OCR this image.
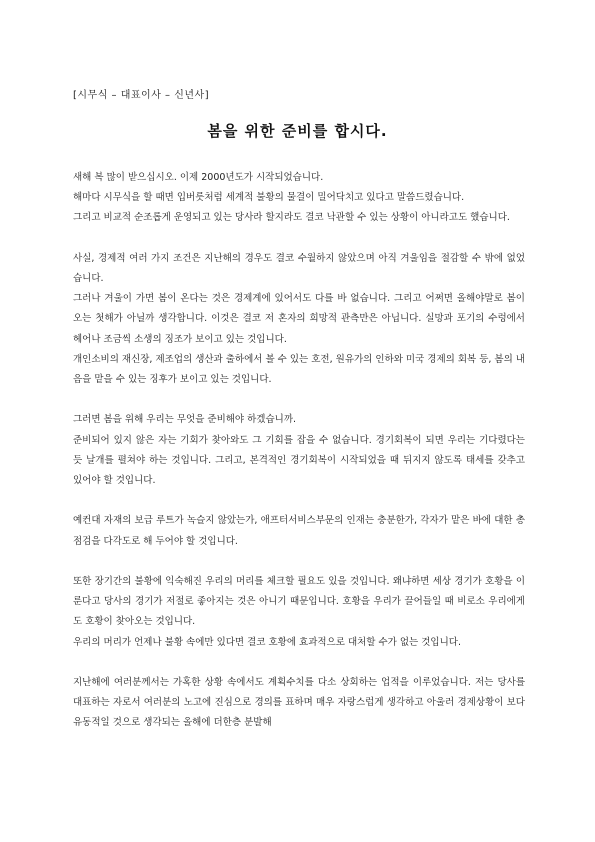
[시무식 – 대표이사 – 신년사]
봄을 위한 준비를 합시다.

새해 복 많이 받으십시오. 이제 2000년도가 시작되었습니다.

해마다 시무식을 할 때면 입버릇처럼 세계적 불황의 물결이 밀어닥치고 있다고 말씀드렸습니다.

그리고 비교적 순조롭게 운영되고 있는 당사라 할지라도 결코 낙관할 수 있는 상황이 아니라고도 했습니다.

사실, 경제적 여러 가지 조건은 지난해의 경우도 결코 수월하지 않았으며 아직 겨울임을 절감할 수 밖에 없었습니다.

그러나 겨울이 가면 봄이 온다는 것은 경제계에 있어서도 다를 바 없습니다. 그리고 어쩌면 올해야말로 봄이 오는 첫해가 아닐까 생각합니다. 이것은 결코 저 혼자의 희망적 관측만은 아닙니다. 실망과 포기의 수렁에서 헤어나 조금씩 소생의 징조가 보이고 있는 것입니다.

개인소비의 재신장, 제조업의 생산과 출하에서 볼 수 있는 호전, 원유가의 인하와 미국 경제의 회복 등, 봄의 내음을 맡을 수 있는 징후가 보이고 있는 것입니다.

그러면 봄을 위해 우리는 무엇을 준비해야 하겠습니까.

준비되어 있지 않은 자는 기회가 찾아와도 그 기회를 잡을 수 없습니다. 경기회복이 되면 우리는 기다렸다는 듯 날개를 펼쳐야 하는 것입니다. 그리고, 본격적인 경기회복이 시작되었을 때 뒤지지 않도록 태세를 갖추고 있어야 할 것입니다.

예컨대 자재의 보급 루트가 녹슬지 않았는가, 애프터서비스부문의 인재는 충분한가, 각자가 맡은 바에 대한 총점검을 다각도로 해 두어야 할 것입니다.

또한 장기간의 불황에 익숙해진 우리의 머리를 체크할 필요도 있을 것입니다. 왜냐하면 세상 경기가 호황을 이룬다고 당사의 경기가 저절로 좋아지는 것은 아니기 때문입니다. 호황을 우리가 끌어들일 때 비로소 우리에게도 호황이 찾아오는 것입니다.

우리의 머리가 언제나 불황 속에만 있다면 결코 호황에 효과적으로 대처할 수가 없는 것입니다.

지난해에 여러분께서는 가혹한 상황 속에서도 계획수치를 다소 상회하는 업적을 이루었습니다. 저는 당사를 대표하는 자로서 여러분의 노고에 진심으로 경의를 표하며 매우 자랑스럽게 생각하고 아울러 경제상황이 보다 유동적일 것으로 생각되는 올해에 더한층 분발해
